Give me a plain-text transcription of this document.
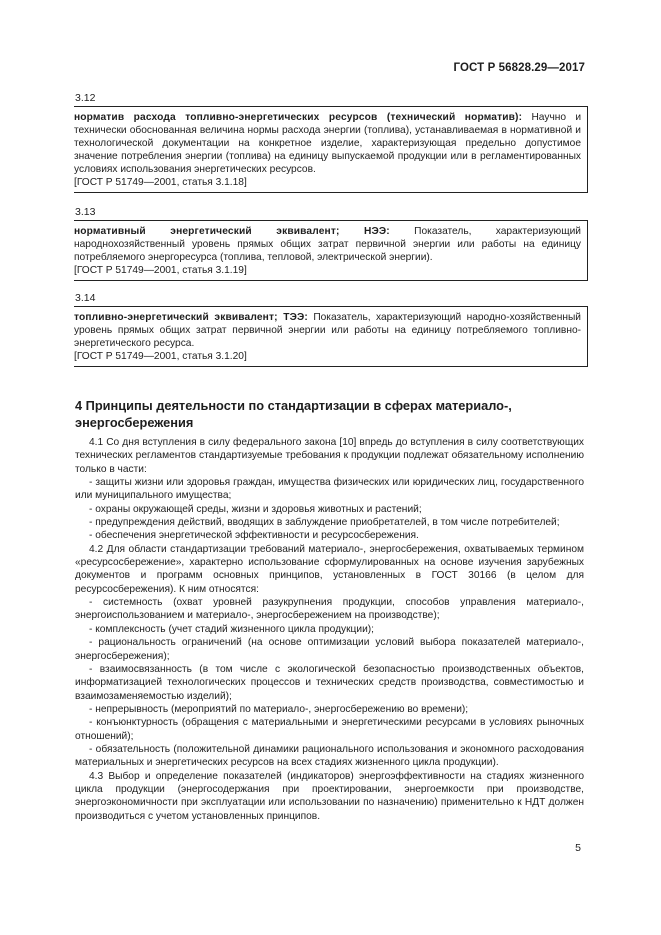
ГОСТ Р 56828.29—2017
3.12

норматив расхода топливно-энергетических ресурсов (технический норматив): Научно и технически обоснованная величина нормы расхода энергии (топлива), устанавливаемая в нормативной и технологической документации на конкретное изделие, характеризующая предельно допустимое значение потребления энергии (топлива) на единицу выпускаемой продукции или в регламентированных условиях использования энергетических ресурсов.

[ГОСТ Р 51749—2001, статья 3.1.18]

3.13

нормативный энергетический эквивалент; НЭЭ: Показатель, характеризующий народнохозяйственный уровень прямых общих затрат первичной энергии или работы на единицу потребляемого энергоресурса (топлива, тепловой, электрической энергии).

[ГОСТ Р 51749—2001, статья 3.1.19]

3.14

топливно-энергетический эквивалент; ТЭЭ: Показатель, характеризующий народно-хозяйственный уровень прямых общих затрат первичной энергии или работы на единицу потребляемого топливно-энергетического ресурса.

[ГОСТ Р 51749—2001, статья 3.1.20]

4 Принципы деятельности по стандартизации в сферах материало-, энергосбережения

4.1 Со дня вступления в силу федерального закона [10] впредь до вступления в силу соответствующих технических регламентов стандартизуемые требования к продукции подлежат обязательному исполнению только в части:

- защиты жизни или здоровья граждан, имущества физических или юридических лиц, государственного или муниципального имущества;

- охраны окружающей среды, жизни и здоровья животных и растений;

- предупреждения действий, вводящих в заблуждение приобретателей, в том числе потребителей;

- обеспечения энергетической эффективности и ресурсосбережения.

4.2 Для области стандартизации требований материало-, энергосбережения, охватываемых термином «ресурсосбережение», характерно использование сформулированных на основе изучения зарубежных документов и программ основных принципов, установленных в ГОСТ 30166 (в целом для ресурсосбережения). К ним относятся:

- системность (охват уровней разукрупнения продукции, способов управления материало-, энергоиспользованием и материало-, энергосбережением на производстве);

- комплексность (учет стадий жизненного цикла продукции);

- рациональность ограничений (на основе оптимизации условий выбора показателей материало-, энергосбережения);

- взаимосвязанность (в том числе с экологической безопасностью производственных объектов, информатизацией технологических процессов и технических средств производства, совместимостью и взаимозаменяемостью изделий);

- непрерывность (мероприятий по материало-, энергосбережению во времени);

- конъюнктурность (обращения с материальными и энергетическими ресурсами в условиях рыночных отношений);

- обязательность (положительной динамики рационального использования и экономного расходования материальных и энергетических ресурсов на всех стадиях жизненного цикла продукции).

4.3 Выбор и определение показателей (индикаторов) энергоэффективности на стадиях жизненного цикла продукции (энергосодержания при проектировании, энергоемкости при производстве, энергоэкономичности при эксплуатации или использовании по назначению) применительно к НДТ должен производиться с учетом установленных принципов.

5
